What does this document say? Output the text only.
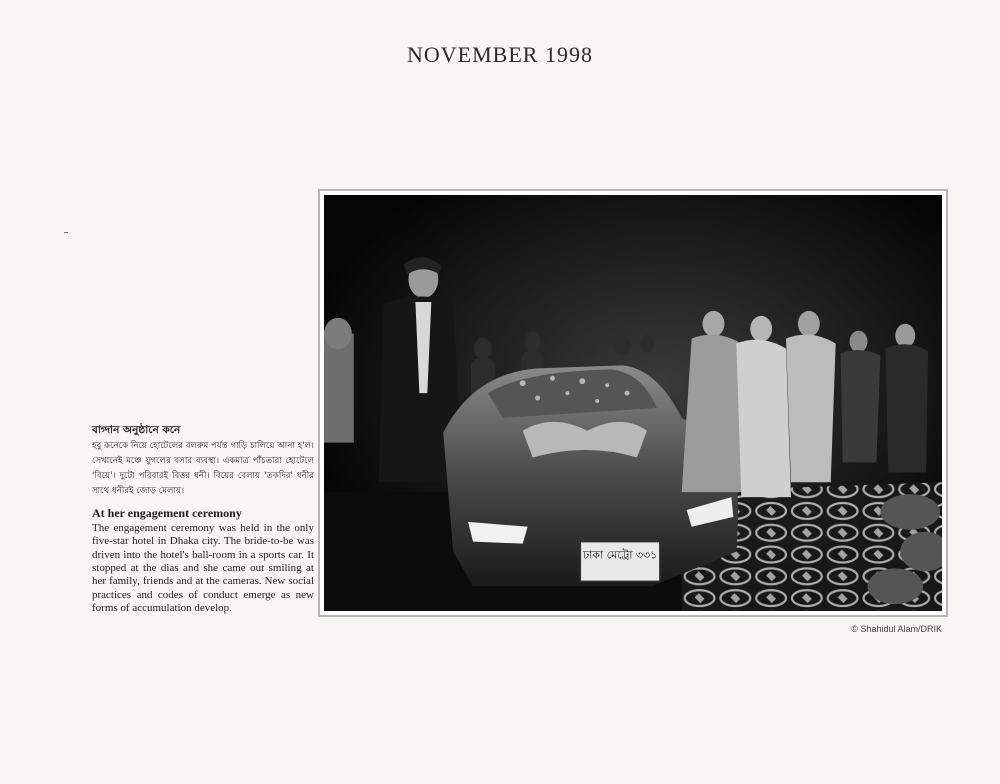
NOVEMBER 1998

বাগ্দান অনুষ্ঠানে কনে

হবু কনেকে নিয়ে হোটেলের বলরুম পর্যন্ত গাড়ি চালিয়ে আনা হ'ল। সেখানেই মঞ্চে যুগলের বসার ব্যবস্থা। একমাত্র পাঁচতারা হোটেলে 'বিয়ে'। দুটো পরিবারই বিত্তর ধনী। বিয়ের বেলায় 'তকদির' ধনীর সাথে ধনীরই জোড় মেলায়।

At her engagement ceremony

The engagement ceremony was held in the only five-star hotel in Dhaka city. The bride-to-be was driven into the hotel's ball-room in a sports car. It stopped at the dias and she came out smiling at her family, friends and at the cameras. New social practices and codes of conduct emerge as new forms of accumulation develop.

ঢাকা মেট্রো ৩৩১
© Shahidul Alam/DRIK
